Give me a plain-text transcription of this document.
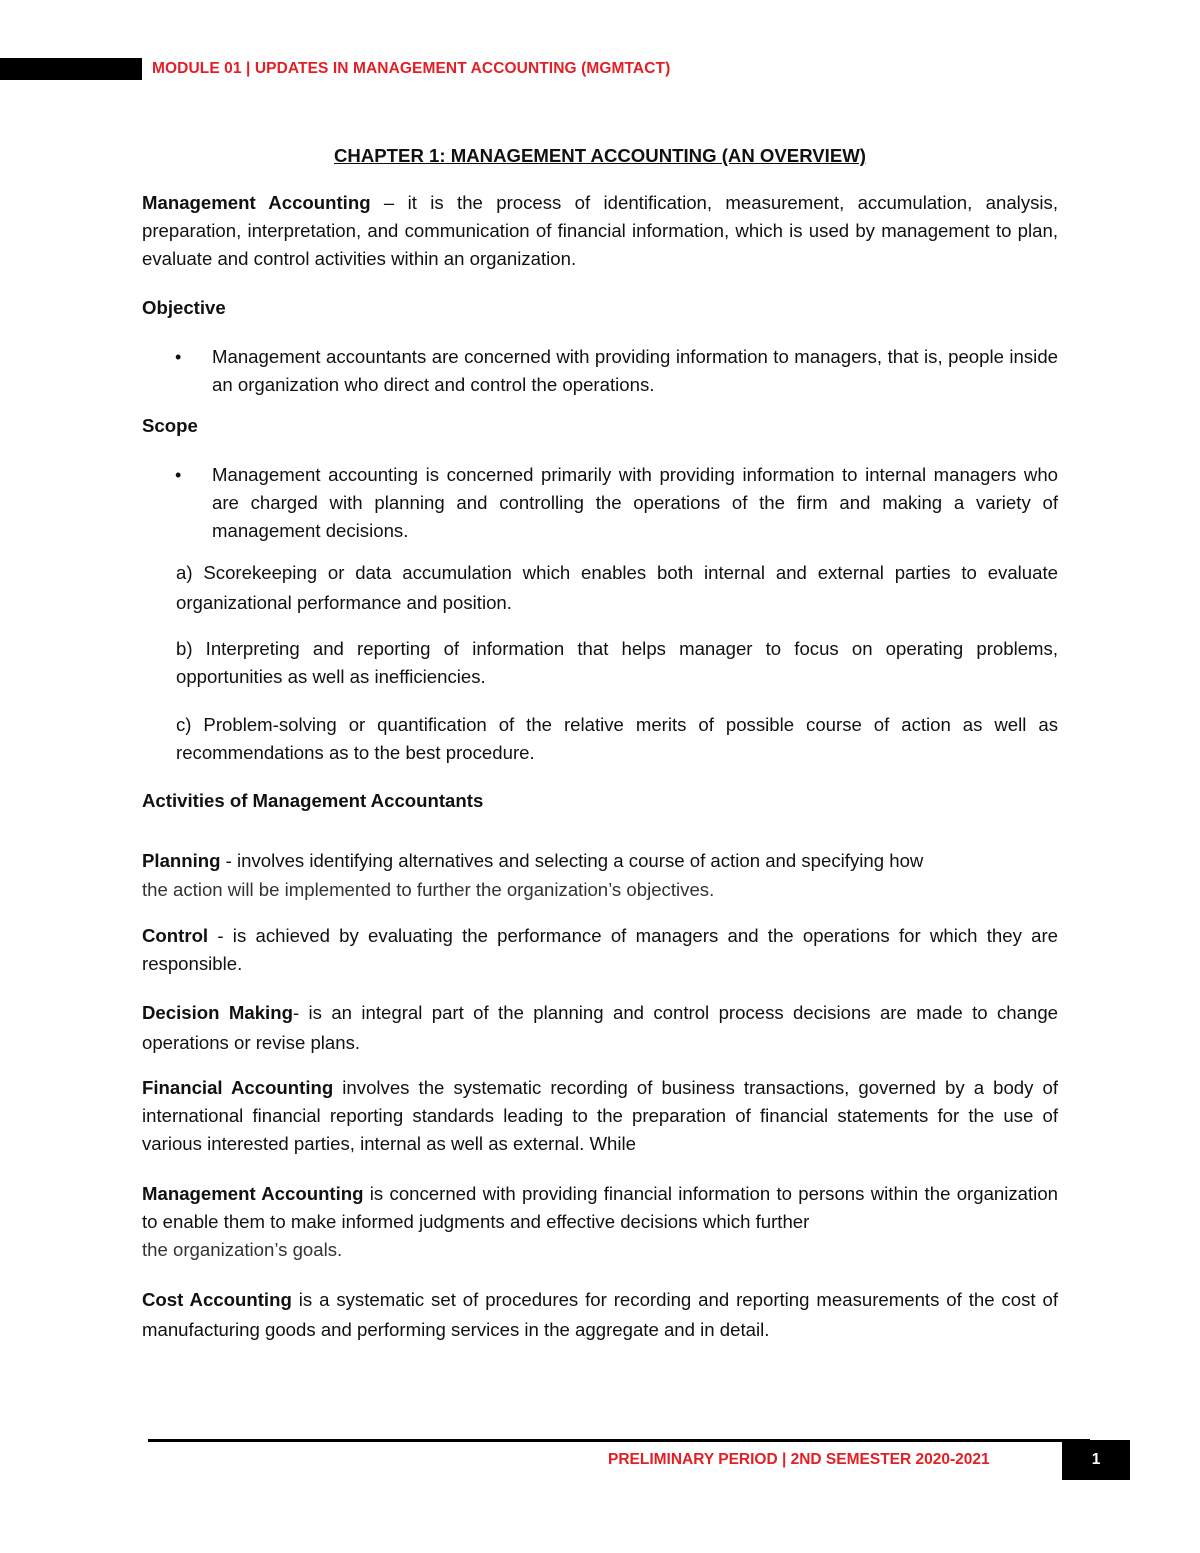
MODULE 01 | UPDATES IN MANAGEMENT ACCOUNTING (MGMTACT)
CHAPTER 1: MANAGEMENT ACCOUNTING (AN OVERVIEW)

Management Accounting – it is the process of identification, measurement, accumulation, analysis, preparation, interpretation, and communication of financial information, which is used by management to plan, evaluate and control activities within an organization.

Objective

• Management accountants are concerned with providing information to managers, that is, people inside an organization who direct and control the operations.

Scope

• Management accounting is concerned primarily with providing information to internal managers who are charged with planning and controlling the operations of the firm and making a variety of management decisions.

a) Scorekeeping or data accumulation which enables both internal and external parties to evaluate organizational performance and position.

b) Interpreting and reporting of information that helps manager to focus on operating problems, opportunities as well as inefficiencies.

c) Problem-solving or quantification of the relative merits of possible course of action as well as recommendations as to the best procedure.

Activities of Management Accountants

Planning - involves identifying alternatives and selecting a course of action and specifying how
the action will be implemented to further the organization’s objectives.

Control - is achieved by evaluating the performance of managers and the operations for which they are responsible.

Decision Making- is an integral part of the planning and control process decisions are made to change operations or revise plans.

Financial Accounting involves the systematic recording of business transactions, governed by a body of international financial reporting standards leading to the preparation of financial statements for the use of various interested parties, internal as well as external. While

Management Accounting is concerned with providing financial information to persons within the organization to enable them to make informed judgments and effective decisions which further
the organization’s goals.

Cost Accounting is a systematic set of procedures for recording and reporting measurements of the cost of manufacturing goods and performing services in the aggregate and in detail.

PRELIMINARY PERIOD | 2ND SEMESTER 2020-2021	1
